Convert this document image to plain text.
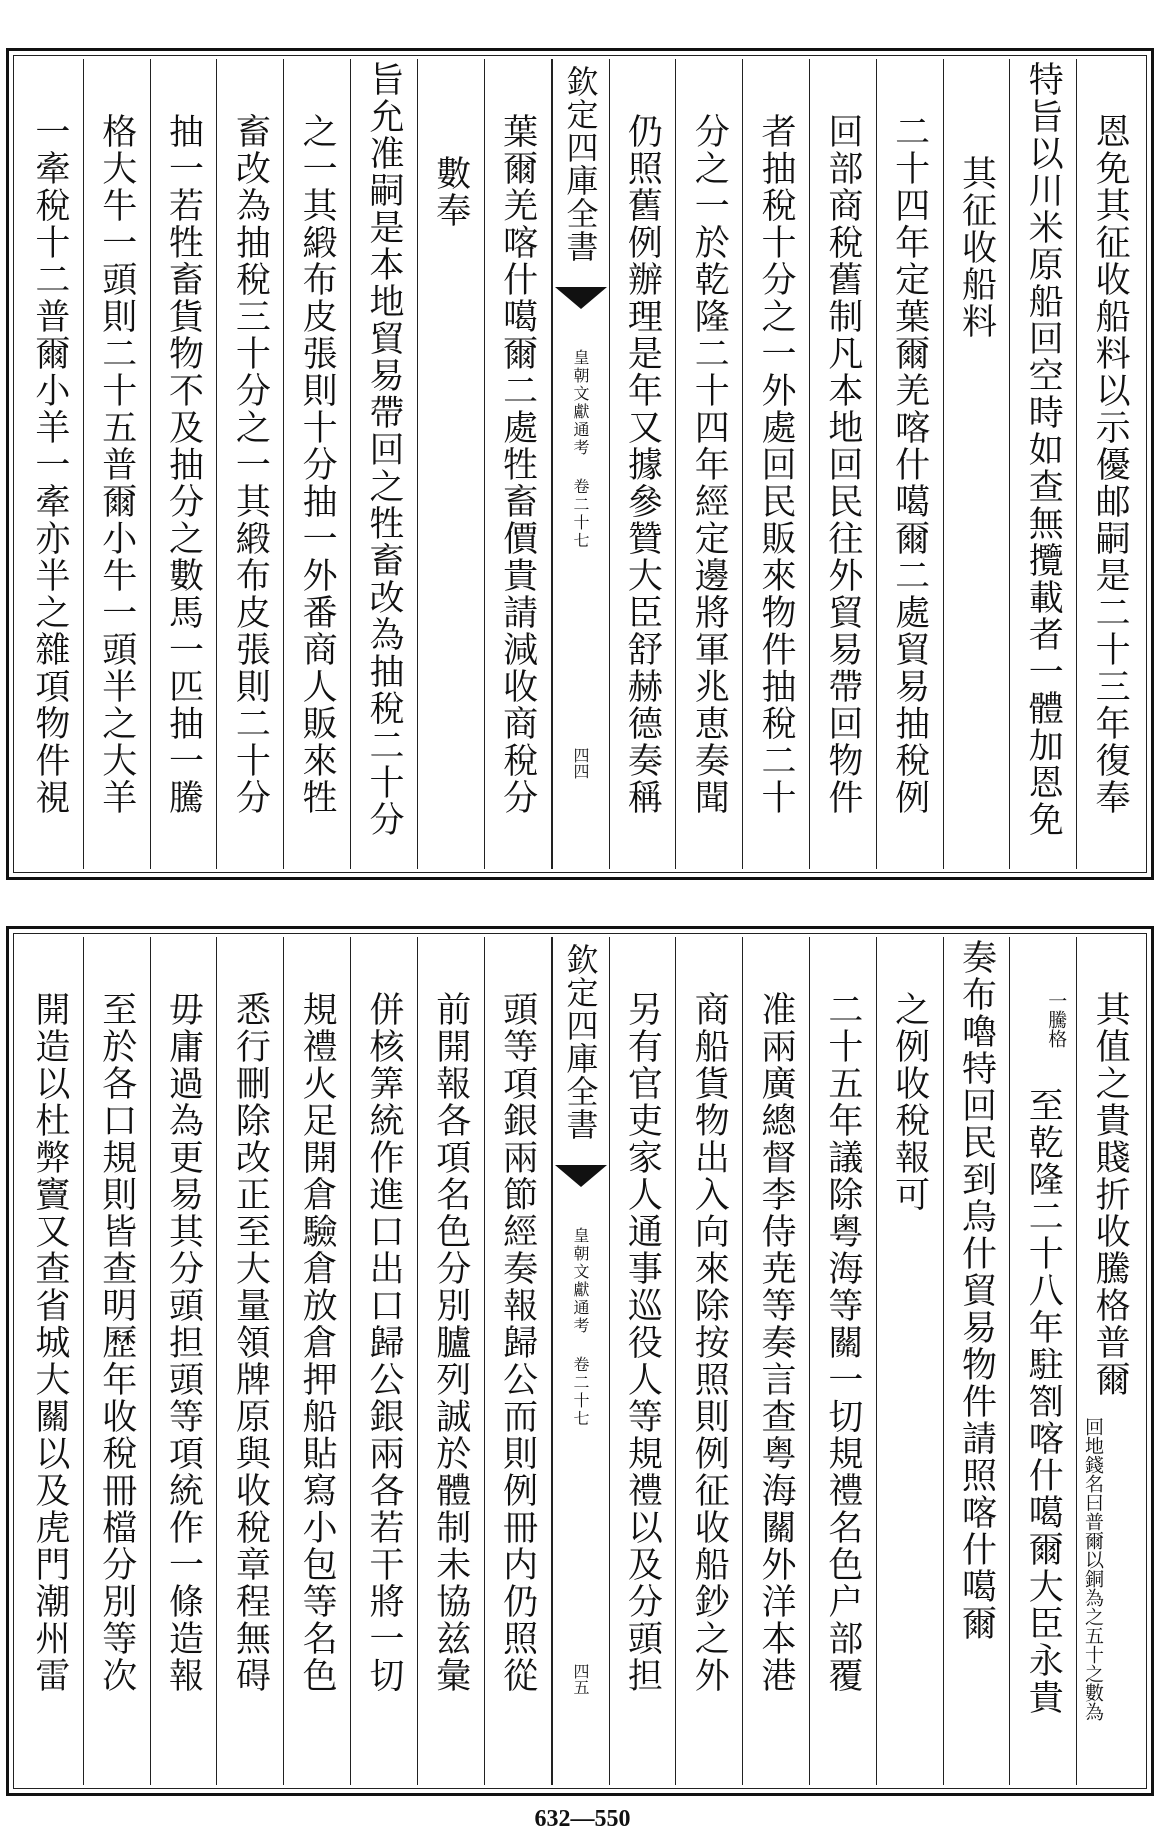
恩免其征收船料以示優邮嗣是二十三年復奉
特旨以川米原船回空時如查無攬載者一體加恩免
其征收船料
二十四年定葉爾羌喀什噶爾二處貿易抽稅例
回部商稅舊制凡本地回民往外貿易帶回物件
者抽稅十分之一外處回民販來物件抽稅二十
分之一於乾隆二十四年經定邊將軍兆恵奏聞
仍照舊例辦理是年又據參贊大臣舒赫德奏稱
欽定四庫全書
皇朝文獻通考 卷二十七
四四
葉爾羌喀什噶爾二處牲畜價貴請減收商稅分
數奉
旨允准嗣是本地貿易帶回之牲畜改為抽稅二十分
之一其緞布皮張則十分抽一外番商人販來牲
畜改為抽稅三十分之一其緞布皮張則二十分
抽一若牲畜貨物不及抽分之數馬一匹抽一騰
格大牛一頭則二十五普爾小牛一頭半之大羊
一牽稅十二普爾小羊一牽亦半之雜項物件視
其值之貴賤折收騰格普爾
回地錢名曰普爾以銅為之五十之數為
一騰格
至乾隆二十八年駐劄喀什噶爾大臣永貴
奏布嚕特回民到烏什貿易物件請照喀什噶爾
之例收稅報可
二十五年議除粤海等關一切規禮名色户部覆
准兩廣總督李侍尭等奏言查粤海關外洋本港
商船貨物出入向來除按照則例征收船鈔之外
另有官吏家人通事巡役人等規禮以及分頭担
欽定四庫全書
皇朝文獻通考 卷二十七
四五
頭等項銀兩節經奏報歸公而則例冊内仍照從
前開報各項名色分別臚列誠於體制未協兹彙
併核筭統作進口出口歸公銀兩各若干將一切
規禮火足開倉驗倉放倉押船貼寫小包等名色
悉行刪除改正至大量領牌原與收稅章程無碍
毋庸過為更易其分頭担頭等項統作一條造報
至於各口規則皆查明歷年收稅冊檔分別等次
開造以杜弊竇又查省城大關以及虎門潮州雷
632—550
